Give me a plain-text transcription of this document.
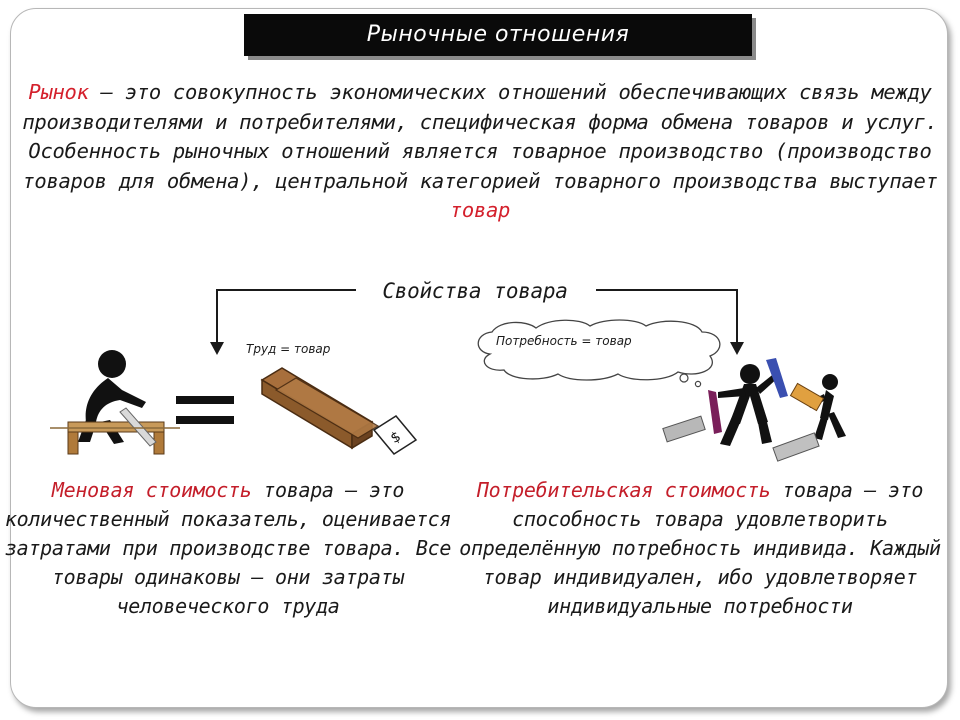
Рыночные отношения
Рынок – это совокупность экономических отношений обеспечивающих связь между производителями и потребителями, специфическая форма обмена товаров и услуг.
Особенность рыночных отношений является товарное производство (производство товаров для обмена), центральной категорией товарного производства выступает товар
Свойства товара
Труд = товар
$
Потребность = товар
Меновая стоимость товара – это количественный показатель, оценивается затратами при производстве товара. Все товары одинаковы – они затраты человеческого труда
Потребительская стоимость товара – это способность товара удовлетворить определённую потребность индивида. Каждый товар индивидуален, ибо удовлетворяет индивидуальные потребности
